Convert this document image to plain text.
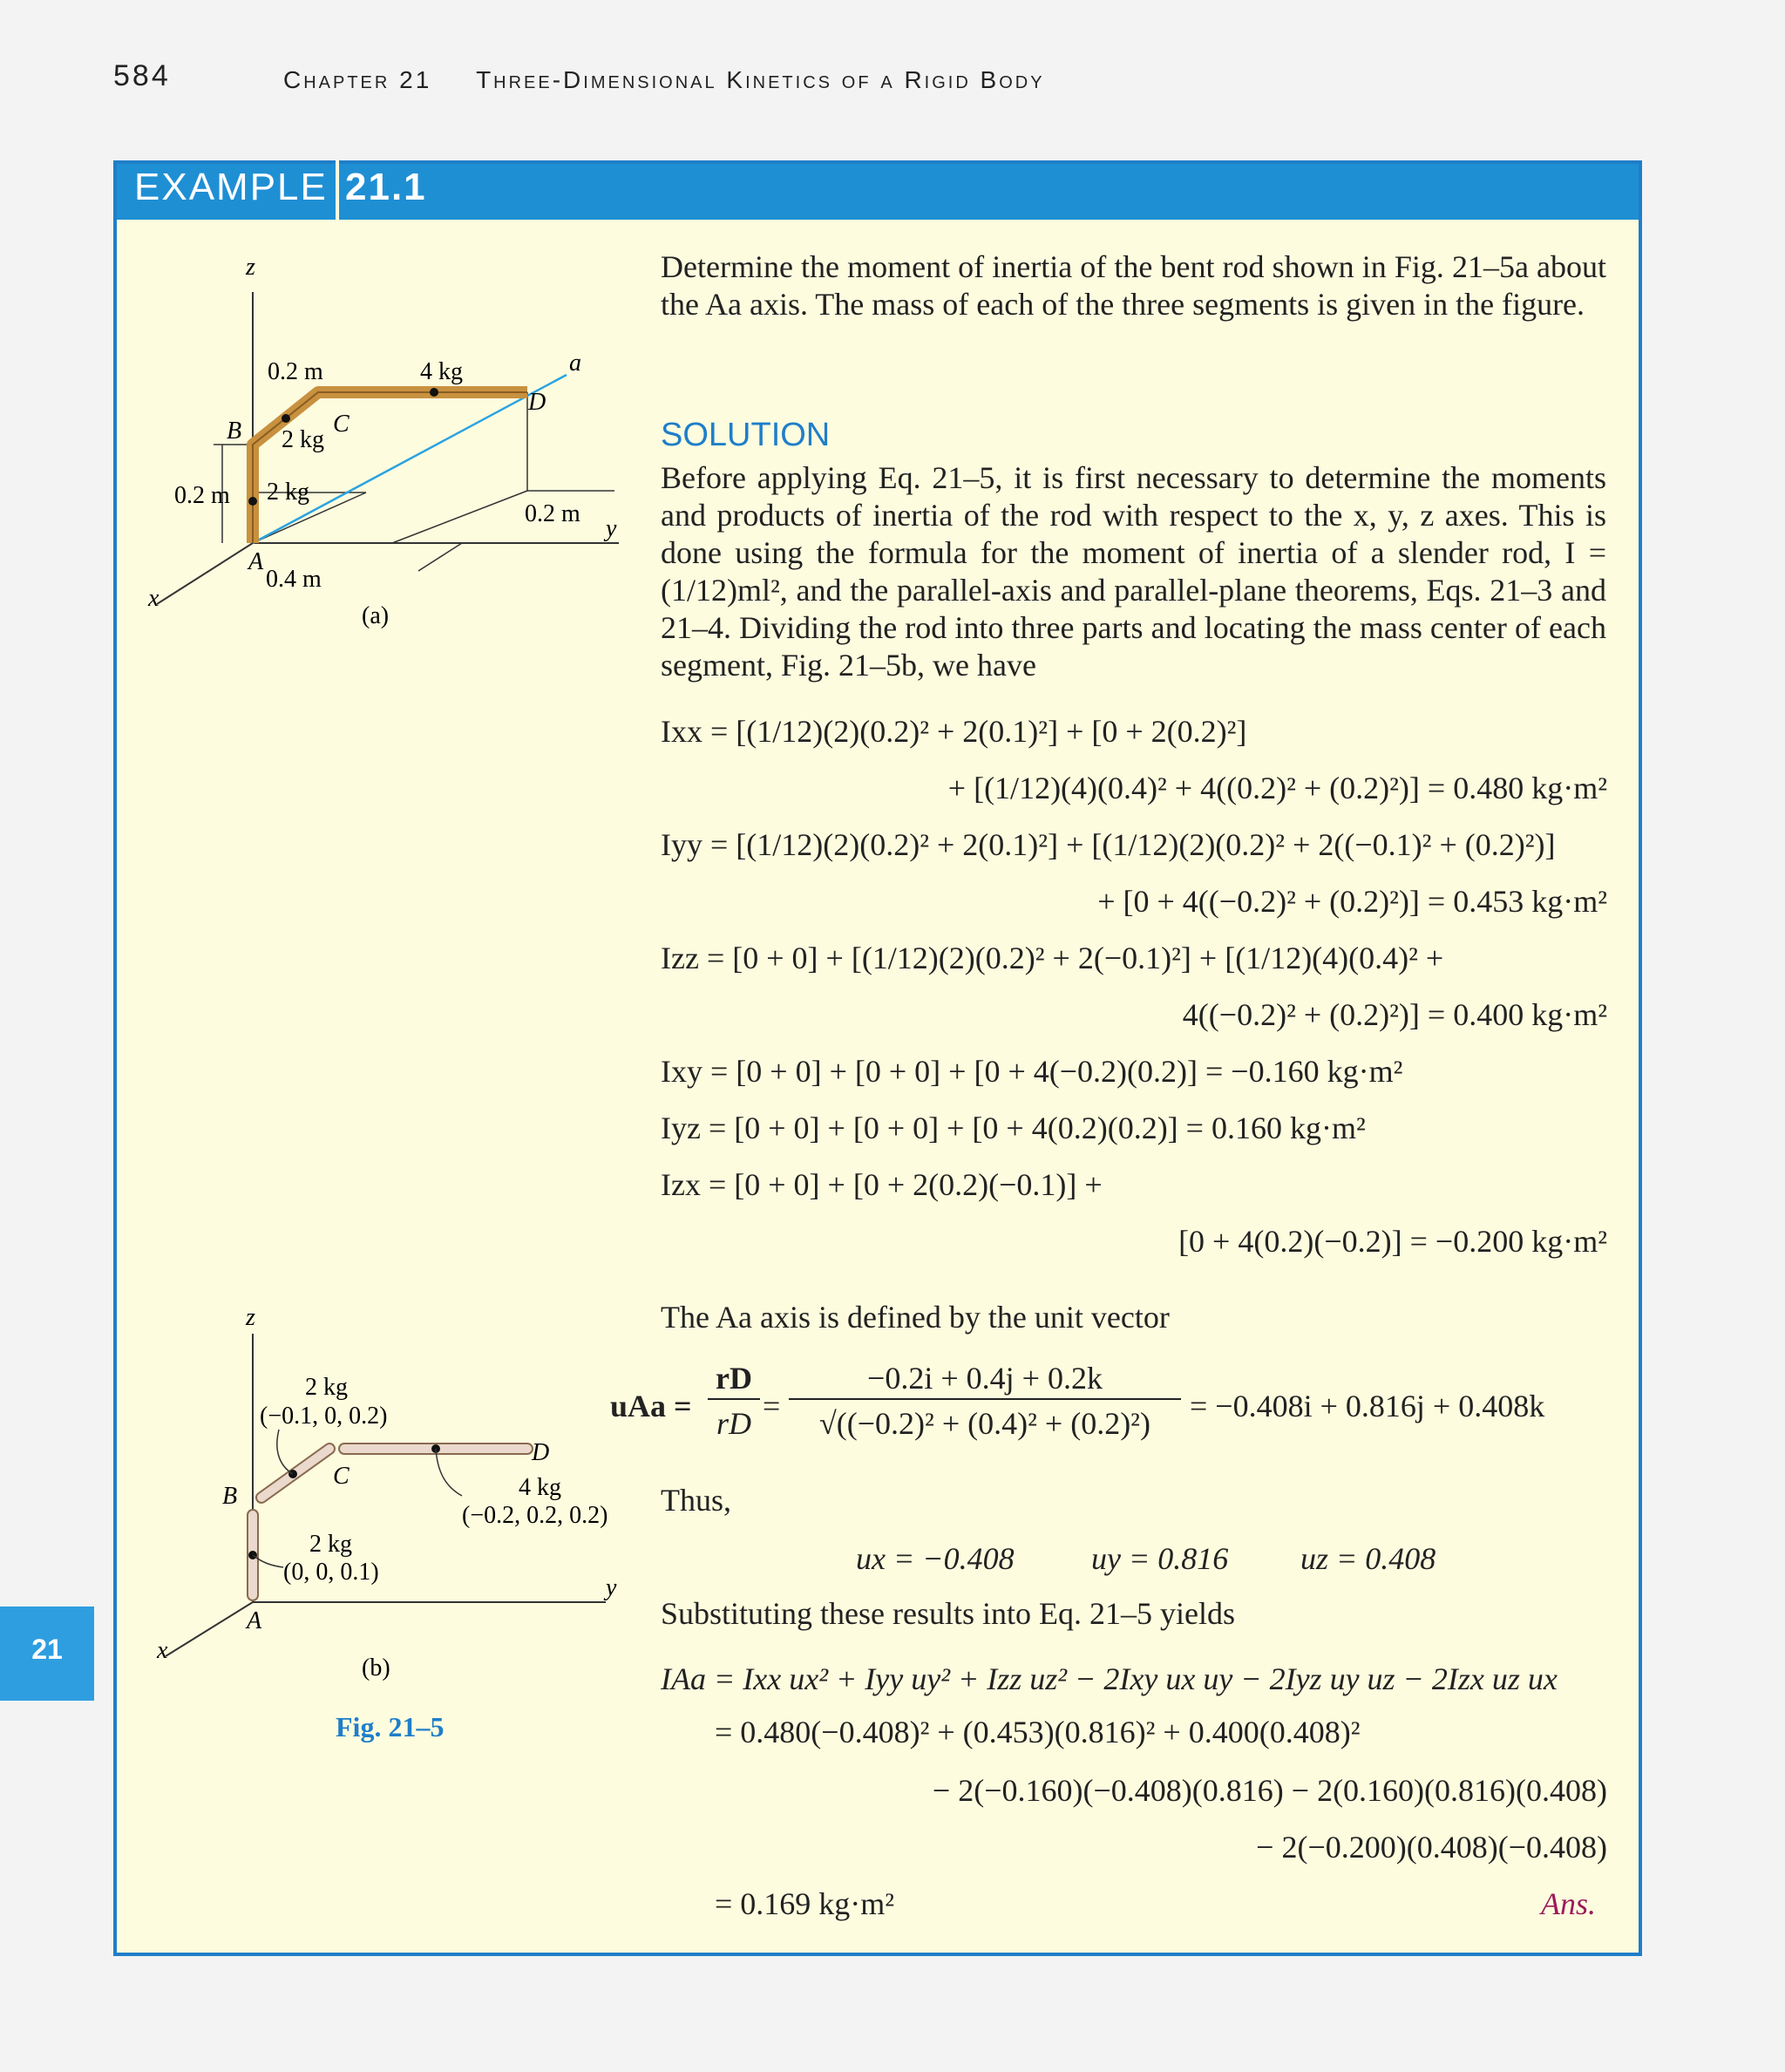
584	Chapter 21 Three-Dimensional Kinetics of a Rigid Body
EXAMPLE 21.1
21
Determine the moment of inertia of the bent rod shown in Fig. 21–5a about the Aa axis. The mass of each of the three segments is given in the figure.
SOLUTION
Before applying Eq. 21–5, it is first necessary to determine the moments and products of inertia of the rod with respect to the x, y, z axes. This is done using the formula for the moment of inertia of a slender rod, I = (1/12)ml², and the parallel-axis and parallel-plane theorems, Eqs. 21–3 and 21–4. Dividing the rod into three parts and locating the mass center of each segment, Fig. 21–5b, we have
Ixx = [(1/12)(2)(0.2)² + 2(0.1)²] + [0 + 2(0.2)²]
+ [(1/12)(4)(0.4)² + 4((0.2)² + (0.2)²)] = 0.480 kg·m²
Iyy = [(1/12)(2)(0.2)² + 2(0.1)²] + [(1/12)(2)(0.2)² + 2((−0.1)² + (0.2)²)]
+ [0 + 4((−0.2)² + (0.2)²)] = 0.453 kg·m²
Izz = [0 + 0] + [(1/12)(2)(0.2)² + 2(−0.1)²] + [(1/12)(4)(0.4)² +
4((−0.2)² + (0.2)²)] = 0.400 kg·m²
Ixy = [0 + 0] + [0 + 0] + [0 + 4(−0.2)(0.2)] = −0.160 kg·m²
Iyz = [0 + 0] + [0 + 0] + [0 + 4(0.2)(0.2)] = 0.160 kg·m²
Izx = [0 + 0] + [0 + 2(0.2)(−0.1)] +
[0 + 4(0.2)(−0.2)] = −0.200 kg·m²
The Aa axis is defined by the unit vector
uAa =
rD
rD =
−0.2i + 0.4j + 0.2k
√((−0.2)² + (0.4)² + (0.2)²)	= −0.408i + 0.816j + 0.408k
Thus,
ux = −0.408 uy = 0.816 uz = 0.408
Substituting these results into Eq. 21–5 yields
IAa = Ixx ux² + Iyy uy² + Izz uz² − 2Ixy ux uy − 2Iyz uy uz − 2Izx uz ux
= 0.480(−0.408)² + (0.453)(0.816)² + 0.400(0.408)²
− 2(−0.160)(−0.408)(0.816) − 2(0.160)(0.816)(0.408)
− 2(−0.200)(0.408)(−0.408)
= 0.169 kg·m²	Ans.
z
x
y
a
A
B	C
D
0.2 m	4 kg
2 kg
2 kg
0.2 m
0.4 m
0.2 m
(a)
z
x
y
A
B
C
D
2 kg
(−0.1, 0, 0.2)
4 kg
(−0.2, 0.2, 0.2)
2 kg
(0, 0, 0.1)
(b)
Fig. 21–5
